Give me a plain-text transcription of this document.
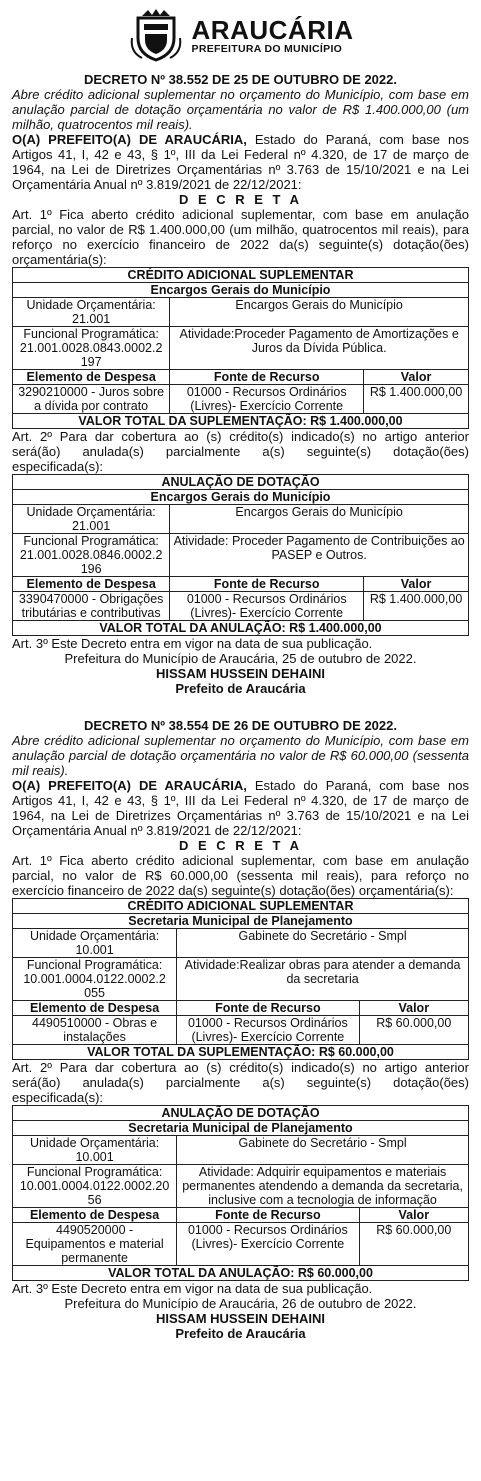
ARAUCÁRIA
PREFEITURA DO MUNICÍPIO
DECRETO Nº 38.552 DE 25 DE OUTUBRO DE 2022.
Abre crédito adicional suplementar no orçamento do Município, com base em anulação parcial de dotação orçamentária no valor de R$ 1.400.000,00 (um milhão, quatrocentos mil reais).
O(A) PREFEITO(A) DE ARAUCÁRIA, Estado do Paraná, com base nos Artigos 41, I, 42 e 43, § 1º, III da Lei Federal nº 4.320, de 17 de março de 1964, na Lei de Diretrizes Orçamentárias nº 3.763 de 15/10/2021 e na Lei Orçamentária Anual nº 3.819/2021 de 22/12/2021:
D E C R E T A
Art. 1º Fica aberto crédito adicional suplementar, com base em anulação parcial, no valor de R$ 1.400.000,00 (um milhão, quatrocentos mil reais), para reforço no exercício financeiro de 2022 da(s) seguinte(s) dotação(ões) orçamentária(s):
CRÉDITO ADICIONAL SUPLEMENTAR		
Encargos Gerais do Município		
Unidade Orçamentária: 21.001	Encargos Gerais do Município	
Funcional Programática: 21.001.0028.0843.0002.2 197	Atividade:Proceder Pagamento de Amortizações e Juros da Dívida Pública.	
Elemento de Despesa	Fonte de Recurso	Valor
3290210000 - Juros sobre a dívida por contrato	01000 - Recursos Ordinários (Livres)- Exercício Corrente	R$ 1.400.000,00
VALOR TOTAL DA SUPLEMENTAÇÃO: R$ 1.400.000,00		
Art. 2º Para dar cobertura ao (s) crédito(s) indicado(s) no artigo anterior será(ão) anulada(s) parcialmente a(s) seguinte(s) dotação(ões) especificada(s):
ANULAÇÃO DE DOTAÇÃO		
Encargos Gerais do Município		
Unidade Orçamentária: 21.001	Encargos Gerais do Município	
Funcional Programática: 21.001.0028.0846.0002.2 196	Atividade: Proceder Pagamento de Contribuições ao PASEP e Outros.	
Elemento de Despesa	Fonte de Recurso	Valor
3390470000 - Obrigações tributárias e contributivas	01000 - Recursos Ordinários (Livres)- Exercício Corrente	R$ 1.400.000,00
VALOR TOTAL DA ANULAÇÃO: R$ 1.400.000,00		
Art. 3º Este Decreto entra em vigor na data de sua publicação.
Prefeitura do Município de Araucária, 25 de outubro de 2022.
HISSAM HUSSEIN DEHAINI
Prefeito de Araucária
DECRETO Nº 38.554 DE 26 DE OUTUBRO DE 2022.
Abre crédito adicional suplementar no orçamento do Município, com base em anulação parcial de dotação orçamentária no valor de R$ 60.000,00 (sessenta mil reais).
O(A) PREFEITO(A) DE ARAUCÁRIA, Estado do Paraná, com base nos Artigos 41, I, 42 e 43, § 1º, III da Lei Federal nº 4.320, de 17 de março de 1964, na Lei de Diretrizes Orçamentárias nº 3.763 de 15/10/2021 e na Lei Orçamentária Anual nº 3.819/2021 de 22/12/2021:
D E C R E T A
Art. 1º Fica aberto crédito adicional suplementar, com base em anulação parcial, no valor de R$ 60.000,00 (sessenta mil reais), para reforço no exercício financeiro de 2022 da(s) seguinte(s) dotação(ões) orçamentária(s):
CRÉDITO ADICIONAL SUPLEMENTAR		
Secretaria Municipal de Planejamento		
Unidade Orçamentária: 10.001	Gabinete do Secretário - Smpl	
Funcional Programática: 10.001.0004.0122.0002.2 055	Atividade:Realizar obras para atender a demanda da secretaria	
Elemento de Despesa	Fonte de Recurso	Valor
4490510000 - Obras e instalações	01000 - Recursos Ordinários (Livres)- Exercício Corrente	R$ 60.000,00
VALOR TOTAL DA SUPLEMENTAÇÃO: R$ 60.000,00		
Art. 2º Para dar cobertura ao (s) crédito(s) indicado(s) no artigo anterior será(ão) anulada(s) parcialmente a(s) seguinte(s) dotação(ões) especificada(s):
ANULAÇÃO DE DOTAÇÃO		
Secretaria Municipal de Planejamento		
Unidade Orçamentária: 10.001	Gabinete do Secretário - Smpl	
Funcional Programática: 10.001.0004.0122.0002.20 56	Atividade: Adquirir equipamentos e materiais permanentes atendendo a demanda da secretaria, inclusive com a tecnologia de informação	
Elemento de Despesa	Fonte de Recurso	Valor
4490520000 - Equipamentos e material permanente	01000 - Recursos Ordinários (Livres)- Exercício Corrente	R$ 60.000,00
VALOR TOTAL DA ANULAÇÃO: R$ 60.000,00		
Art. 3º Este Decreto entra em vigor na data de sua publicação.
Prefeitura do Município de Araucária, 26 de outubro de 2022.
HISSAM HUSSEIN DEHAINI
Prefeito de Araucária
